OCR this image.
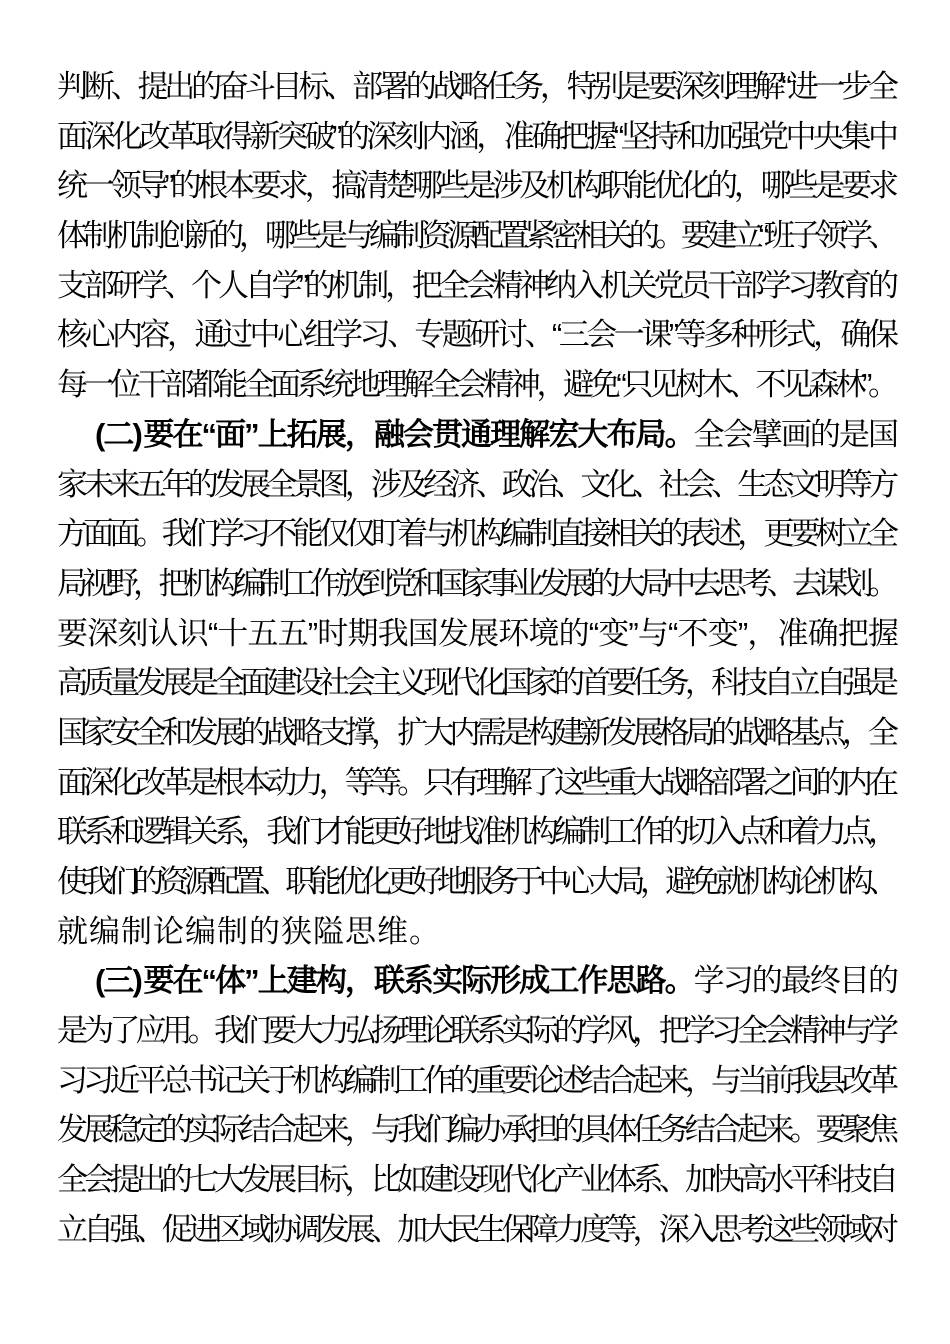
判断、提出的奋斗目标、部署的战略任务，特别是要深刻理解“进一步全
面深化改革取得新突破”的深刻内涵，准确把握“坚持和加强党中央集中
统一领导”的根本要求，搞清楚哪些是涉及机构职能优化的，哪些是要求
体制机制创新的，哪些是与编制资源配置紧密相关的。要建立“班子领学、
支部研学、个人自学”的机制，把全会精神纳入机关党员干部学习教育的
核心内容，通过中心组学习、专题研讨、“三会一课”等多种形式，确保
每一位干部都能全面系统地理解全会精神，避免“只见树木、不见森林”。
(二) 要在“面”上拓展，融会贯通理解宏大布局。全会擘画的是国
家未来五年的发展全景图，涉及经济、政治、文化、社会、生态文明等方
方面面。我们学习不能仅仅盯着与机构编制直接相关的表述，更要树立全
局视野，把机构编制工作放到党和国家事业发展的大局中去思考、去谋划。
要深刻认识“十五五”时期我国发展环境的“变”与“不变”，准确把握
高质量发展是全面建设社会主义现代化国家的首要任务，科技自立自强是
国家安全和发展的战略支撑，扩大内需是构建新发展格局的战略基点，全
面深化改革是根本动力，等等。只有理解了这些重大战略部署之间的内在
联系和逻辑关系，我们才能更好地找准机构编制工作的切入点和着力点，
使我们的资源配置、职能优化更好地服务于中心大局，避免就机构论机构、
就编制论编制的狭隘思维。
(三) 要在“体”上建构，联系实际形成工作思路。学习的最终目的
是为了应用。我们要大力弘扬理论联系实际的学风，把学习全会精神与学
习习近平总书记关于机构编制工作的重要论述结合起来，与当前我县改革
发展稳定的实际结合起来，与我们编办承担的具体任务结合起来。要聚焦
全会提出的七大发展目标，比如建设现代化产业体系、加快高水平科技自
立自强、促进区域协调发展、加大民生保障力度等，深入思考这些领域对
